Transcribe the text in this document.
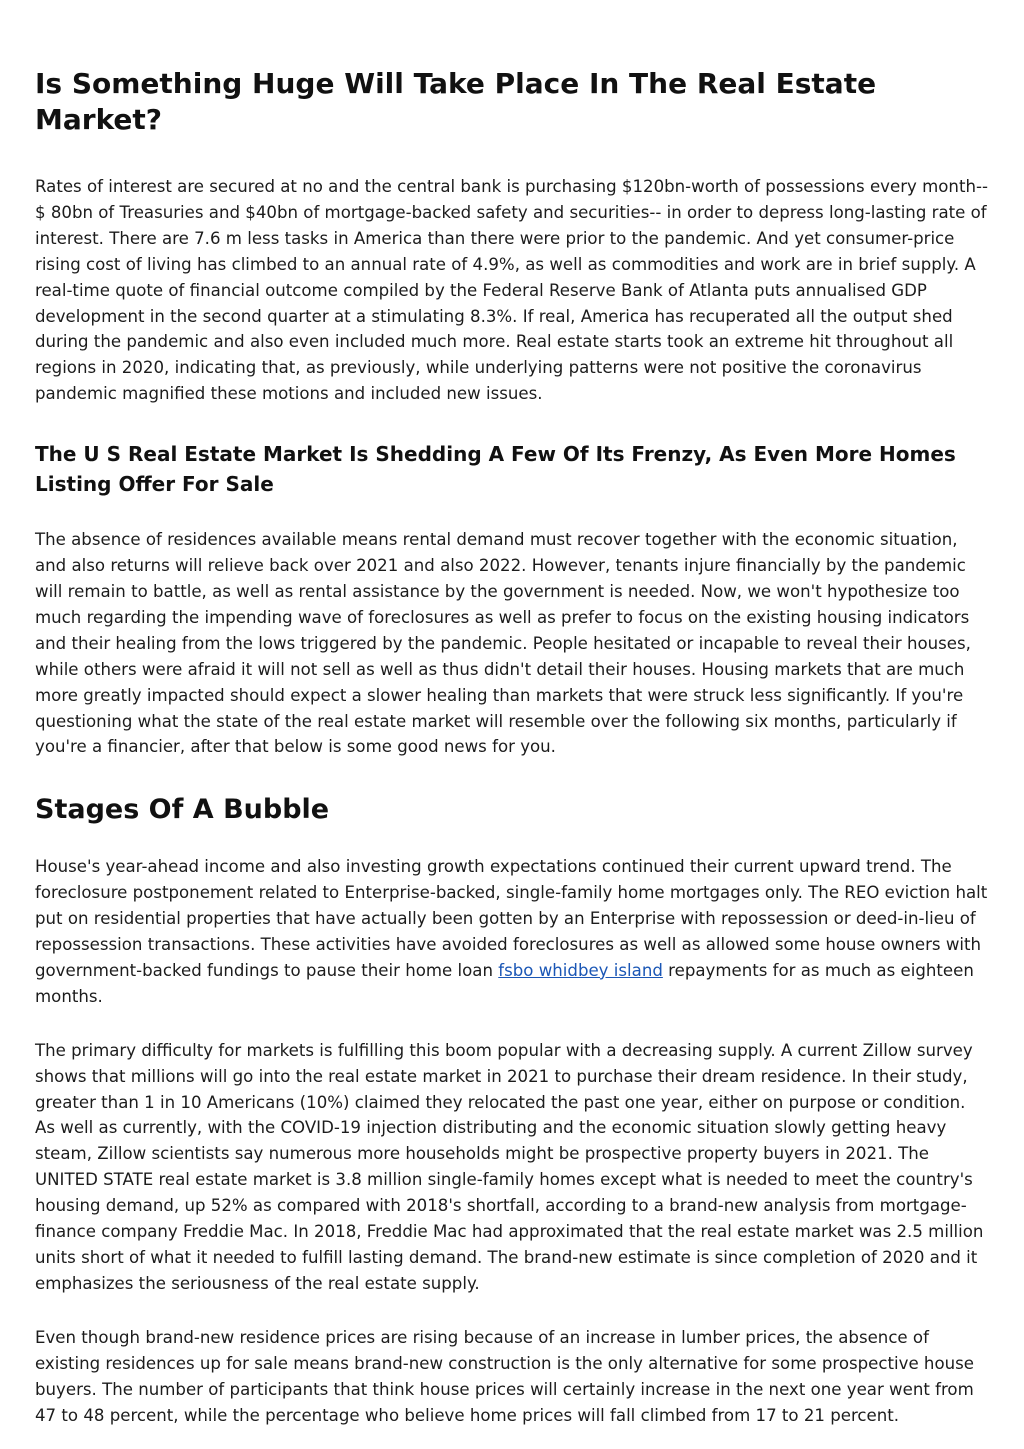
Is Something Huge Will Take Place In The Real Estate Market?

Rates of interest are secured at no and the central bank is purchasing $120bn-worth of possessions every month-- $ 80bn of Treasuries and $40bn of mortgage-backed safety and securities-- in order to depress long-lasting rate of interest. There are 7.6 m less tasks in America than there were prior to the pandemic. And yet consumer-price rising cost of living has climbed to an annual rate of 4.9%, as well as commodities and work are in brief supply. A real-time quote of financial outcome compiled by the Federal Reserve Bank of Atlanta puts annualised GDP development in the second quarter at a stimulating 8.3%. If real, America has recuperated all the output shed during the pandemic and also even included much more. Real estate starts took an extreme hit throughout all regions in 2020, indicating that, as previously, while underlying patterns were not positive the coronavirus pandemic magnified these motions and included new issues.

The U S Real Estate Market Is Shedding A Few Of Its Frenzy, As Even More Homes Listing Offer For Sale

The absence of residences available means rental demand must recover together with the economic situation, and also returns will relieve back over 2021 and also 2022. However, tenants injure financially by the pandemic will remain to battle, as well as rental assistance by the government is needed. Now, we won't hypothesize too much regarding the impending wave of foreclosures as well as prefer to focus on the existing housing indicators and their healing from the lows triggered by the pandemic. People hesitated or incapable to reveal their houses, while others were afraid it will not sell as well as thus didn't detail their houses. Housing markets that are much more greatly impacted should expect a slower healing than markets that were struck less significantly. If you're questioning what the state of the real estate market will resemble over the following six months, particularly if you're a financier, after that below is some good news for you.

Stages Of A Bubble

House's year-ahead income and also investing growth expectations continued their current upward trend. The foreclosure postponement related to Enterprise-backed, single-family home mortgages only. The REO eviction halt put on residential properties that have actually been gotten by an Enterprise with repossession or deed-in-lieu of repossession transactions. These activities have avoided foreclosures as well as allowed some house owners with government-backed fundings to pause their home loan fsbo whidbey island repayments for as much as eighteen months.

The primary difficulty for markets is fulfilling this boom popular with a decreasing supply. A current Zillow survey shows that millions will go into the real estate market in 2021 to purchase their dream residence. In their study, greater than 1 in 10 Americans (10%) claimed they relocated the past one year, either on purpose or condition. As well as currently, with the COVID-19 injection distributing and the economic situation slowly getting heavy steam, Zillow scientists say numerous more households might be prospective property buyers in 2021. The UNITED STATE real estate market is 3.8 million single-family homes except what is needed to meet the country's housing demand, up 52% as compared with 2018's shortfall, according to a brand-new analysis from mortgage-finance company Freddie Mac. In 2018, Freddie Mac had approximated that the real estate market was 2.5 million units short of what it needed to fulfill lasting demand. The brand-new estimate is since completion of 2020 and it emphasizes the seriousness of the real estate supply.

Even though brand-new residence prices are rising because of an increase in lumber prices, the absence of existing residences up for sale means brand-new construction is the only alternative for some prospective house buyers. The number of participants that think house prices will certainly increase in the next one year went from 47 to 48 percent, while the percentage who believe home prices will fall climbed from 17 to 21 percent.
